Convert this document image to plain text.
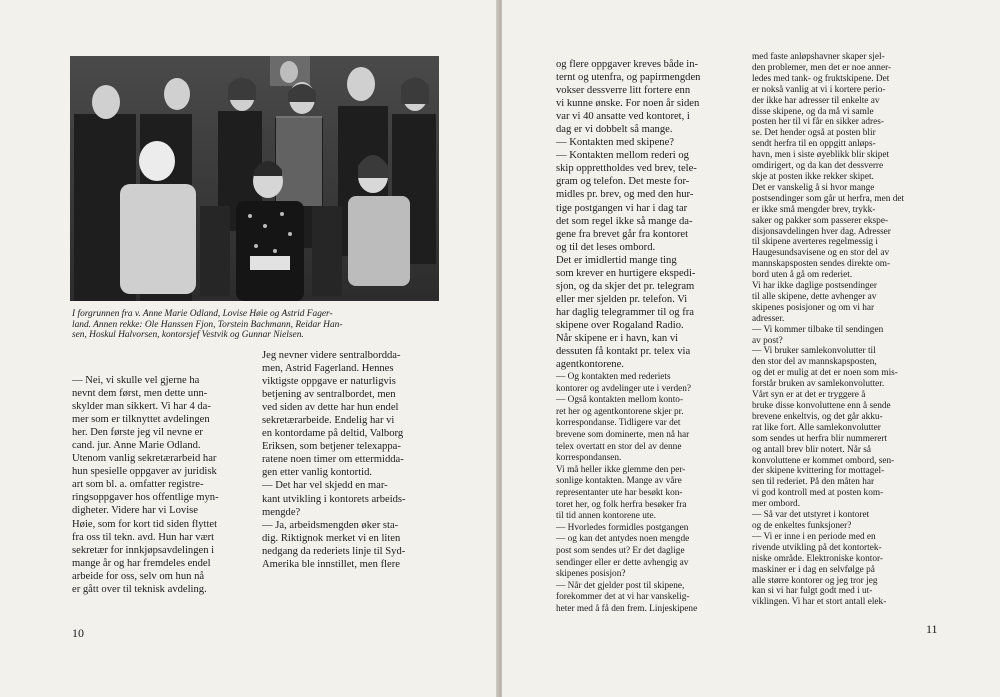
I forgrunnen fra v. Anne Marie Odland, Lovise Høie og Astrid Fager-
land. Annen rekke: Ole Hanssen Fjon, Torstein Bachmann, Reidar Han-
sen, Hoskul Halvorsen, kontorsjef Vestvik og Gunnar Nielsen.

— Nei, vi skulle vel gjerne ha

nevnt dem først, men dette unn-

skylder man sikkert. Vi har 4 da-

mer som er tilknyttet avdelingen

her. Den første jeg vil nevne er

cand. jur. Anne Marie Odland.

Utenom vanlig sekretærarbeid har

hun spesielle oppgaver av juridisk

art som bl. a. omfatter registre-

ringsoppgaver hos offentlige myn-

digheter. Videre har vi Lovise

Høie, som for kort tid siden flyttet

fra oss til tekn. avd. Hun har vært

sekretær for innkjøpsavdelingen i

mange år og har fremdeles endel

arbeide for oss, selv om hun nå

er gått over til teknisk avdeling.

Jeg nevner videre sentralbordda-

men, Astrid Fagerland. Hennes

viktigste oppgave er naturligvis

betjening av sentralbordet, men

ved siden av dette har hun endel

sekretærarbeide. Endelig har vi

en kontordame på deltid, Valborg

Eriksen, som betjener telexappa-

ratene noen timer om ettermidda-

gen etter vanlig kontortid.

— Det har vel skjedd en mar-

kant utvikling i kontorets arbeids-

mengde?

— Ja, arbeidsmengden øker sta-

dig. Riktignok merket vi en liten

nedgang da rederiets linje til Syd-

Amerika ble innstillet, men flere

10

og flere oppgaver kreves både in-

ternt og utenfra, og papirmengden

vokser dessverre litt fortere enn

vi kunne ønske. For noen år siden

var vi 40 ansatte ved kontoret, i

dag er vi dobbelt så mange.

— Kontakten med skipene?

— Kontakten mellom rederi og

skip opprettholdes ved brev, tele-

gram og telefon. Det meste for-

midles pr. brev, og med den hur-

tige postgangen vi har i dag tar

det som regel ikke så mange da-

gene fra brevet går fra kontoret

og til det leses ombord.

Det er imidlertid mange ting

som krever en hurtigere ekspedi-

sjon, og da skjer det pr. telegram

eller mer sjelden pr. telefon. Vi

har daglig telegrammer til og fra

skipene over Rogaland Radio.

Når skipene er i havn, kan vi

dessuten få kontakt pr. telex via

agentkontorene.

— Og kontakten med rederiets

kontorer og avdelinger ute i verden?

— Også kontakten mellom konto-

ret her og agentkontorene skjer pr.

korrespondanse. Tidligere var det

brevene som dominerte, men nå har

telex overtatt en stor del av denne

korrespondansen.

Vi må heller ikke glemme den per-

sonlige kontakten. Mange av våre

representanter ute har besøkt kon-

toret her, og folk herfra besøker fra

til tid annen kontorene ute.

— Hvorledes formidles postgangen

— og kan det antydes noen mengde

post som sendes ut? Er det daglige

sendinger eller er dette avhengig av

skipenes posisjon?

— Når det gjelder post til skipene,

forekommer det at vi har vanskelig-

heter med å få den frem. Linjeskipene

med faste anløpshavner skaper sjel-

den problemer, men det er noe anner-

ledes med tank- og fruktskipene. Det

er nokså vanlig at vi i kortere perio-

der ikke har adresser til enkelte av

disse skipene, og da må vi samle

posten her til vi får en sikker adres-

se. Det hender også at posten blir

sendt herfra til en oppgitt anløps-

havn, men i siste øyeblikk blir skipet

omdirigert, og da kan det dessverre

skje at posten ikke rekker skipet.

Det er vanskelig å si hvor mange

postsendinger som går ut herfra, men det

er ikke små mengder brev, trykk-

saker og pakker som passerer ekspe-

disjonsavdelingen hver dag. Adresser

til skipene averteres regelmessig i

Haugesundsavisene og en stor del av

mannskapsposten sendes direkte om-

bord uten å gå om rederiet.

Vi har ikke daglige postsendinger

til alle skipene, dette avhenger av

skipenes posisjoner og om vi har

adresser.

— Vi kommer tilbake til sendingen

av post?

— Vi bruker samlekonvolutter til

den stor del av mannskapsposten,

og det er mulig at det er noen som mis-

forstår bruken av samlekonvolutter.

Vårt syn er at det er tryggere å

bruke disse konvoluttene enn å sende

brevene enkeltvis, og det går akku-

rat like fort. Alle samlekonvolutter

som sendes ut herfra blir nummerert

og antall brev blir notert. Når så

konvoluttene er kommet ombord, sen-

der skipene kvittering for mottagel-

sen til rederiet. På den måten har

vi god kontroll med at posten kom-

mer ombord.

— Så var det utstyret i kontoret

og de enkeltes funksjoner?

— Vi er inne i en periode med en

rivende utvikling på det kontortek-

niske område. Elektroniske kontor-

maskiner er i dag en selvfølge på

alle større kontorer og jeg tror jeg

kan si vi har fulgt godt med i ut-

viklingen. Vi har et stort antall elek-

11
